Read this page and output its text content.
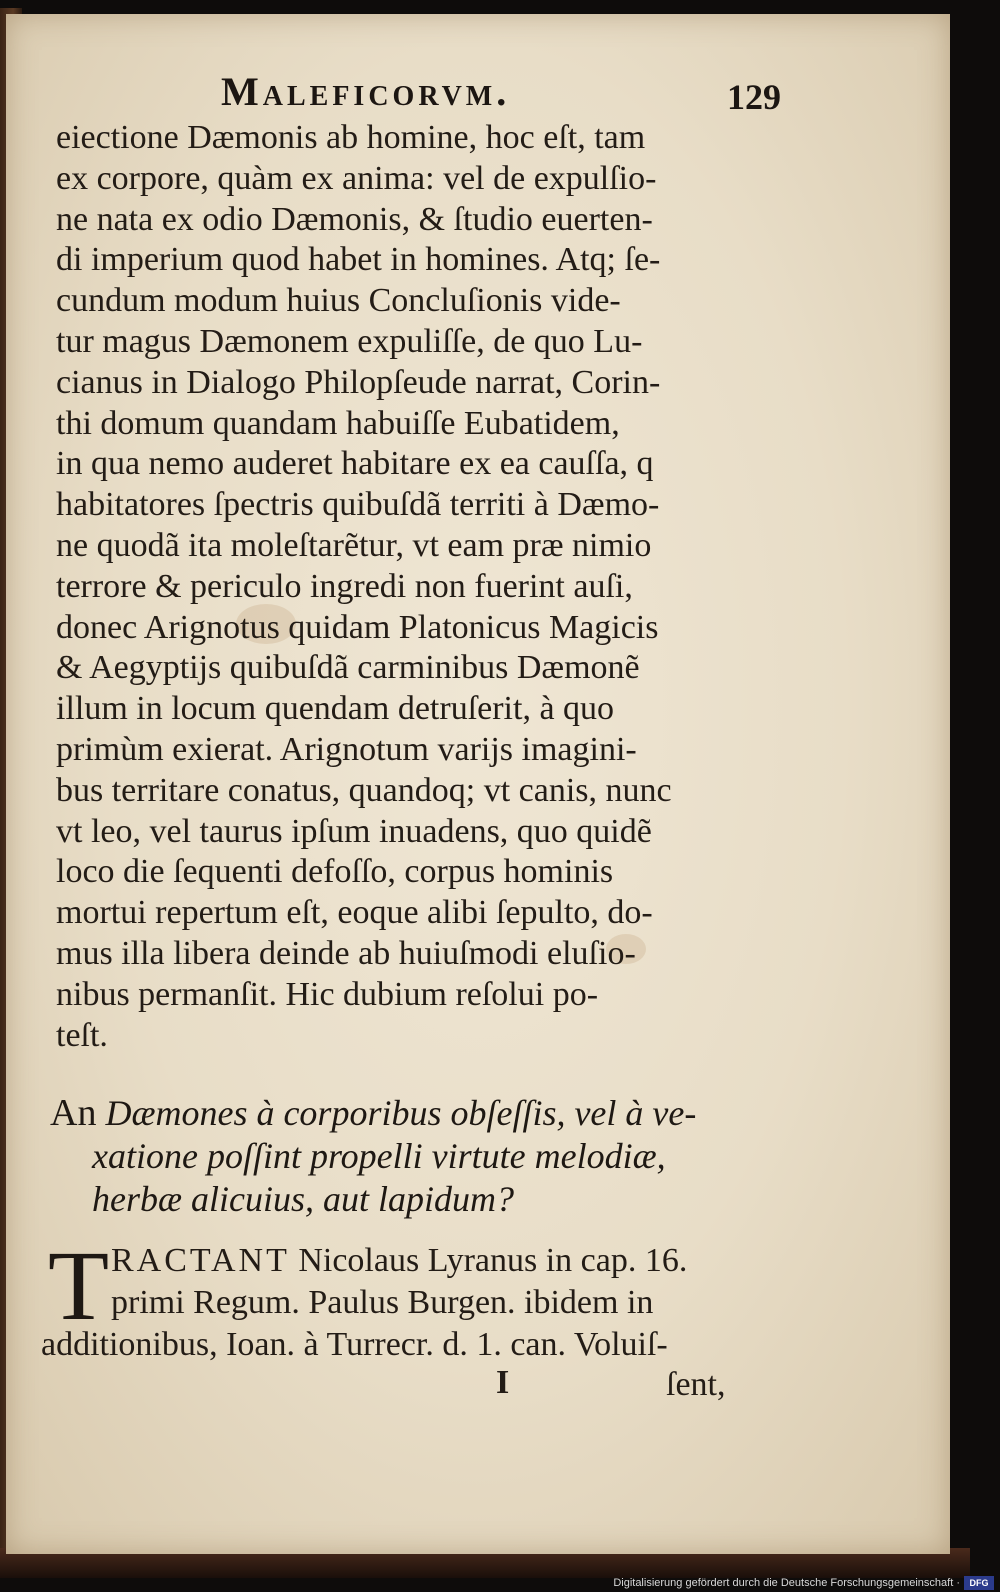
Maleficorvm.	129
eiectione Dæmonis ab homine, hoc eſt, tam
ex corpore, quàm ex anima: vel de expulſio-
ne nata ex odio Dæmonis, & ſtudio euerten-
di imperium quod habet in homines. Atq; ſe-
cundum modum huius Concluſionis vide-
tur magus Dæmonem expuliſſe, de quo Lu-
cianus in Dialogo Philopſeude narrat, Corin-
thi domum quandam habuiſſe Eubatidem,
in qua nemo auderet habitare ex ea cauſſa, q
habitatores ſpectris quibuſdã territi à Dæmo-
ne quodã ita moleſtarẽtur, vt eam præ nimio
terrore & periculo ingredi non fuerint auſi,
donec Arignotus quidam Platonicus Magicis
& Aegyptijs quibuſdã carminibus Dæmonẽ
illum in locum quendam detruſerit, à quo
primùm exierat. Arignotum varijs imagini-
bus territare conatus, quandoq; vt canis, nunc
vt leo, vel taurus ipſum inuadens, quo quidẽ
loco die ſequenti defoſſo, corpus hominis
mortui repertum eſt, eoque alibi ſepulto, do-
mus illa libera deinde ab huiuſmodi eluſio-
nibus permanſit. Hic dubium reſolui po-
teſt.
An Dæmones à corporibus obſeſſis, vel à ve-
xatione poſſint propelli virtute melodiæ,
herbæ alicuius, aut lapidum?
T RACTANT Nicolaus Lyranus in cap. 16.
primi Regum. Paulus Burgen. ibidem in
additionibus, Ioan. à Turrecr. d. 1. can. Voluiſ-
I	ſent,
Digitalisierung gefördert durch die Deutsche Forschungsgemeinschaft ·	DFG
